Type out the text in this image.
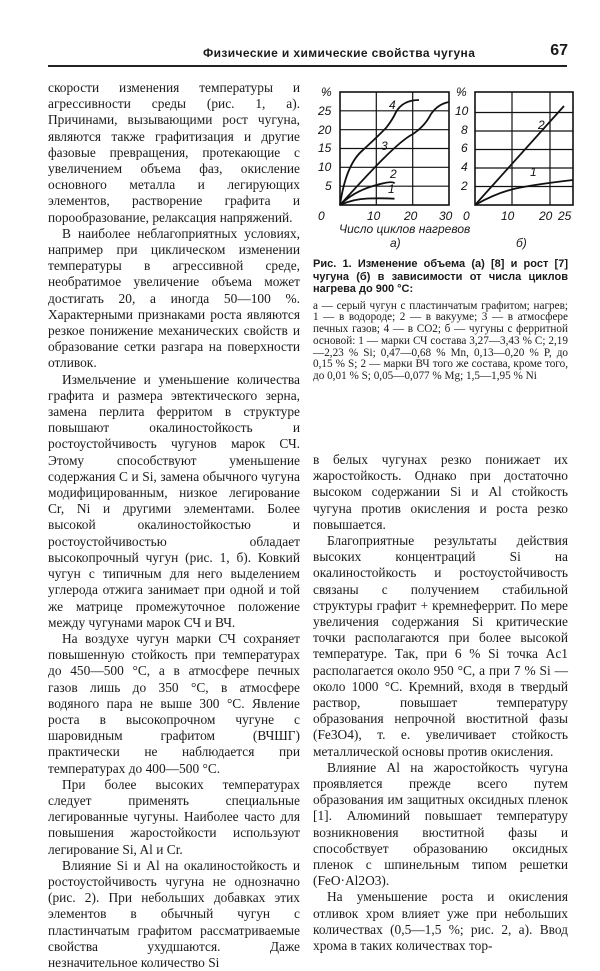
Физические и химические свойства чугуна	67

скорости изменения температуры и агрессивности среды (рис. 1, а). Причинами, вызывающими рост чугуна, являются также графитизация и другие фазовые превращения, протекающие с увеличением объема фаз, окисление основного металла и легирующих элементов, растворение графита и порообразование, релаксация напряжений.

В наиболее неблагоприятных условиях, например при циклическом изменении температуры в агрессивной среде, необратимое увеличение объема может достигать 20, а иногда 50—100 %. Характерными признаками роста являются резкое понижение механических свойств и образование сетки разгара на поверхности отливок.

Измельчение и уменьшение количества графита и размера эвтектического зерна, замена перлита ферритом в структуре повышают окалиностойкость и ростоустойчивость чугунов марок СЧ. Этому способствуют уменьшение содержания C и Si, замена обычного чугуна модифицированным, низкое легирование Cr, Ni и другими элементами. Более высокой окалиностойкостью и ростоустойчивостью обладает высокопрочный чугун (рис. 1, б). Ковкий чугун с типичным для него выделением углерода отжига занимает при одной и той же матрице промежуточное положение между чугунами марок СЧ и ВЧ.

На воздухе чугун марки СЧ сохраняет повышенную стойкость при температурах до 450—500 °С, а в атмосфере печных газов лишь до 350 °С, в атмосфере водяного пара не выше 300 °С. Явление роста в высокопрочном чугуне с шаровидным графитом (ВЧШГ) практически не наблюдается при температурах до 400—500 °С.

При более высоких температурах следует применять специальные легированные чугуны. Наиболее часто для повышения жаростойкости используют легирование Si, Al и Cr.

Влияние Si и Al на окалиностойкость и ростоустойчивость чугуна не однозначно (рис. 2). При небольших добавках этих элементов в обычный чугун с пластинчатым графитом рассматриваемые свойства ухудшаются. Даже незначительное количество Si

4
3
2
1
%
25
20
15
10
5
0	10 20 30
2
1
%
10
8
6
4
2
0	10 20 25
Число циклов нагревов
а)	б)
Рис. 1. Изменение объема (а) [8] и рост [7] чугуна (б) в зависимости от числа циклов нагрева до 900 °С:
а — серый чугун с пластинчатым графитом; нагрев; 1 — в водороде; 2 — в вакууме; 3 — в атмосфере печных газов; 4 — в CO2; б — чугуны с ферритной основой: 1 — марки СЧ состава 3,27—3,43 % C; 2,19—2,23 % Si; 0,47—0,68 % Mn, 0,13—0,20 % P, до 0,15 % S; 2 — марки ВЧ того же состава, кроме того, до 0,01 % S; 0,05—0,077 % Mg; 1,5—1,95 % Ni

в белых чугунах резко понижает их жаростойкость. Однако при достаточно высоком содержании Si и Al стойкость чугуна против окисления и роста резко повышается.

Благоприятные результаты действия высоких концентраций Si на окалиностойкость и ростоустойчивость связаны с получением стабильной структуры графит + кремнеферрит. По мере увеличения содержания Si критические точки располагаются при более высокой температуре. Так, при 6 % Si точка Ac1 располагается около 950 °С, а при 7 % Si — около 1000 °С. Кремний, входя в твердый раствор, повышает температуру образования непрочной вюститной фазы (Fe3O4), т. е. увеличивает стойкость металлической основы против окисления.

Влияние Al на жаростойкость чугуна проявляется прежде всего путем образования им защитных оксидных пленок [1]. Алюминий повышает температуру возникновения вюститной фазы и способствует образованию оксидных пленок с шпинельным типом решетки (FeO·Al2O3).

На уменьшение роста и окисления отливок хром влияет уже при небольших количествах (0,5—1,5 %; рис. 2, а). Ввод хрома в таких количествах тор-
